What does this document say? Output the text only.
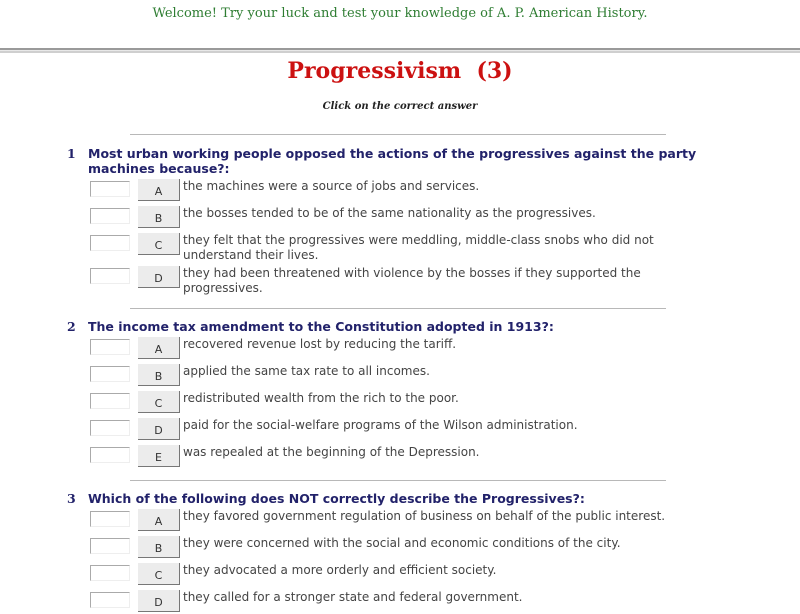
Welcome! Try your luck and test your knowledge of A. P. American History.
Progressivism  (3)
Click on the correct answer
1 Most urban working people opposed the actions of the progressives against the party machines because?:
A	the machines were a source of jobs and services.
B	the bosses tended to be of the same nationality as the progressives.
C	they felt that the progressives were meddling, middle-class snobs who did not understand their lives.
D	they had been threatened with violence by the bosses if they supported the progressives.
2 The income tax amendment to the Constitution adopted in 1913?:
A	recovered revenue lost by reducing the tariff.
B	applied the same tax rate to all incomes.
C	redistributed wealth from the rich to the poor.
D	paid for the social-welfare programs of the Wilson administration.
E	was repealed at the beginning of the Depression.
3 Which of the following does NOT correctly describe the Progressives?:
A	they favored government regulation of business on behalf of the public interest.
B	they were concerned with the social and economic conditions of the city.
C	they advocated a more orderly and efficient society.
D	they called for a stronger state and federal government.
